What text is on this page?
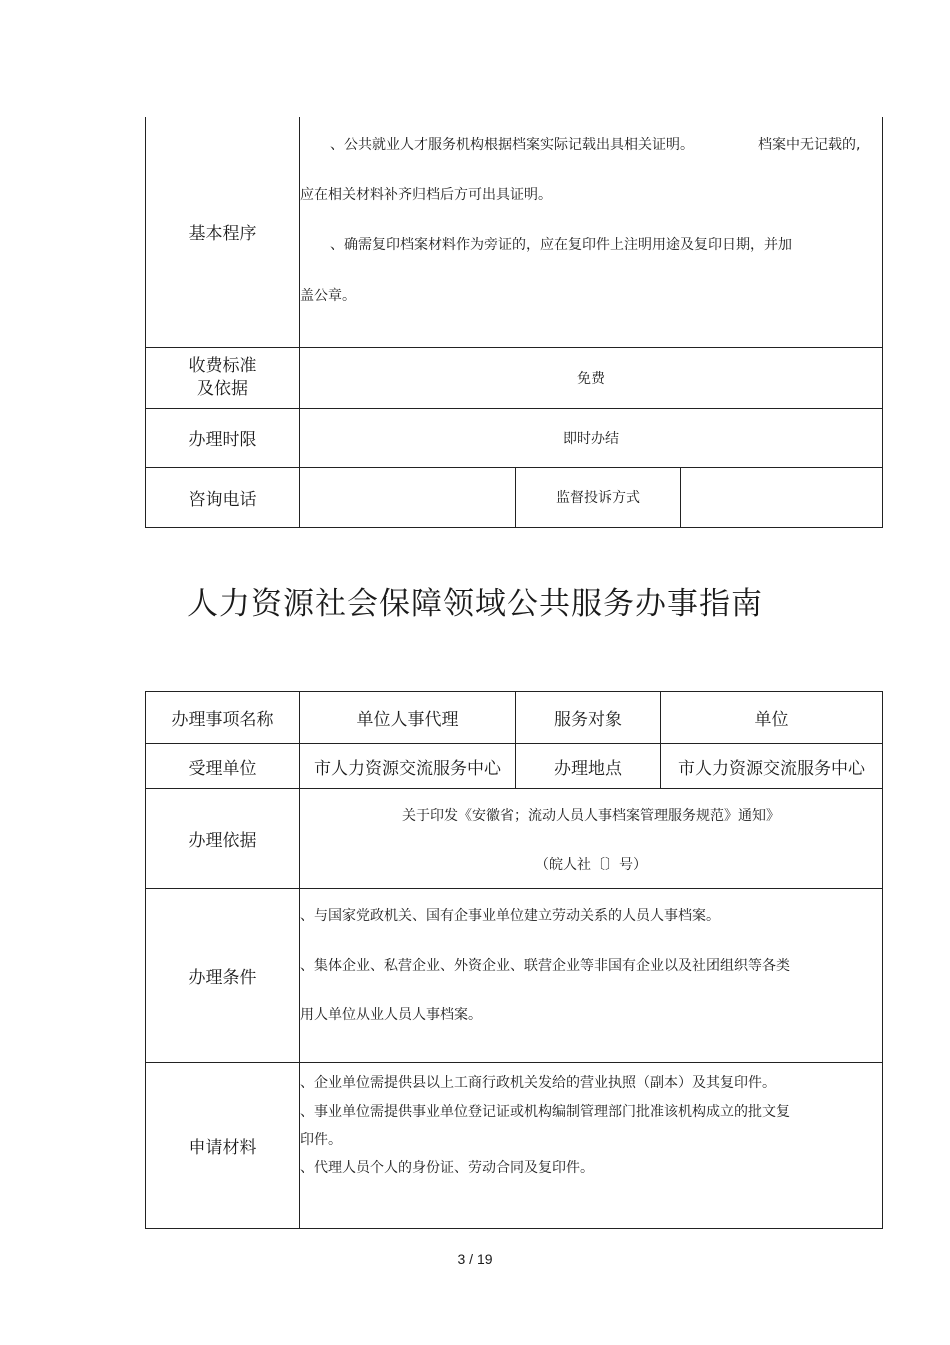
基本程序	、公共就业人才服务机构根据档案实际记载出具相关证明。 档案中无记载的,
应在相关材料补齐归档后方可出具证明。
、确需复印档案材料作为旁证的，应在复印件上注明用途及复印日期，并加
盖公章。		

收费标准
及依据	免费		
办理时限	即时办结		
咨询电话		监督投诉方式	
人力资源社会保障领域公共服务办事指南
办理事项名称	单位人事代理	服务对象	单位
受理单位	市人力资源交流服务中心	办理地点	市人力资源交流服务中心
办理依据	关于印发《安徽省；流动人员人事档案管理服务规范》通知》
（皖人社〔〕号）		

办理条件	、与国家党政机关、国有企事业单位建立劳动关系的人员人事档案。
、集体企业、私营企业、外资企业、联营企业等非国有企业以及社团组织等各类
用人单位从业人员人事档案。		

申请材料	、企业单位需提供县以上工商行政机关发给的营业执照（副本）及其复印件。
、事业单位需提供事业单位登记证或机构编制管理部门批准该机构成立的批文复
印件。
、代理人员个人的身份证、劳动合同及复印件。		
3 / 19
